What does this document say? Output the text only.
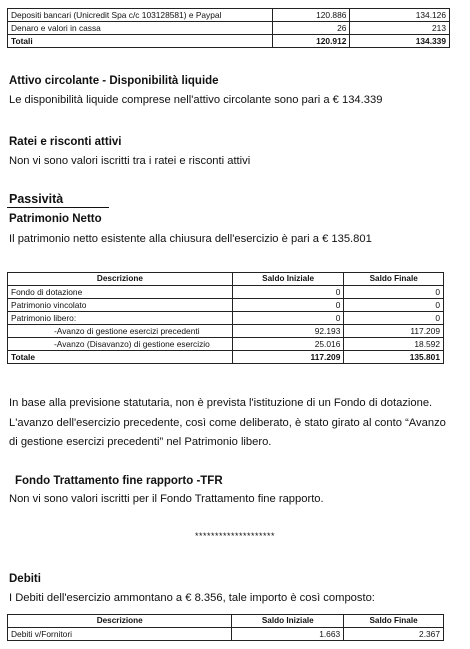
Depositi bancari (Unicredit Spa c/c 103128581) e Paypal	120.886	134.126
Denaro e valori in cassa	26	213
Totali	120.912	134.339
Attivo circolante - Disponibilità liquide
Le disponibilità liquide comprese nell'attivo circolante sono pari a € 134.339
Ratei e risconti attivi
Non vi sono valori iscritti tra i ratei e risconti attivi
Passività
Patrimonio Netto
Il patrimonio netto esistente alla chiusura dell'esercizio è pari a € 135.801
Descrizione	Saldo Iniziale	Saldo Finale
Fondo di dotazione	0	0
Patrimonio vincolato	0	0
Patrimonio libero:	0	0
-Avanzo di gestione esercizi precedenti	92.193	117.209
-Avanzo (Disavanzo) di gestione esercizio	25.016	18.592
Totale	117.209	135.801
In base alla previsione statutaria, non è prevista l'istituzione di un Fondo di dotazione.
L'avanzo dell'esercizio precedente, così come deliberato, è stato girato al conto “Avanzo
di gestione esercizi precedenti” nel Patrimonio libero.
Fondo Trattamento fine rapporto -TFR
Non vi sono valori iscritti per il Fondo Trattamento fine rapporto.
********************
Debiti
I Debiti dell'esercizio ammontano a € 8.356, tale importo è così composto:
Descrizione	Saldo Iniziale	Saldo Finale
Debiti v/Fornitori	1.663	2.367
